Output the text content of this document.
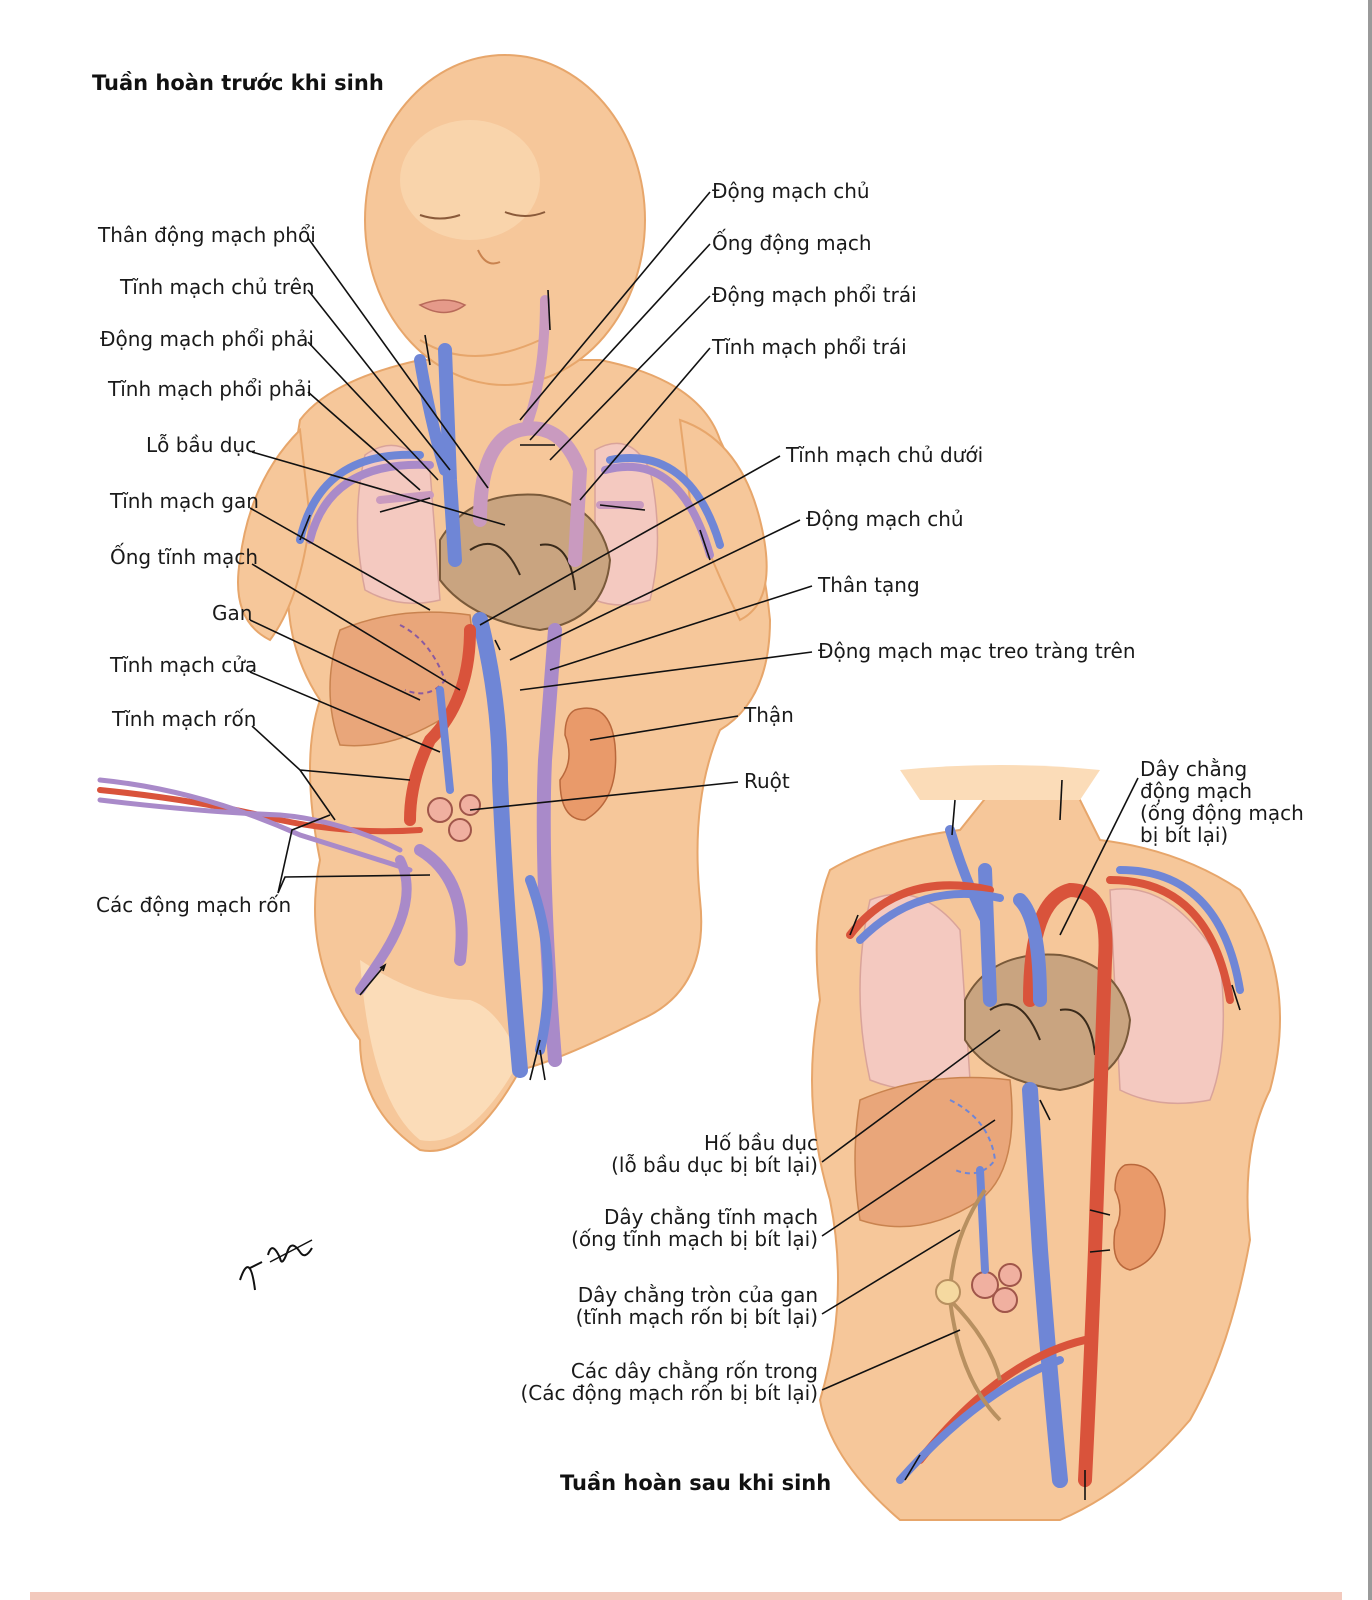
Tuần hoàn trước khi sinh
Thân động mạch phổi
Tĩnh mạch chủ trên
Động mạch phổi phải
Tĩnh mạch phổi phải
Lỗ bầu dục
Tĩnh mạch gan
Ống tĩnh mạch
Gan
Tĩnh mạch cửa
Tĩnh mạch rốn
Các động mạch rốn
Động mạch chủ
Ống động mạch
Động mạch phổi trái
Tĩnh mạch phổi trái
Tĩnh mạch chủ dưới
Động mạch chủ
Thân tạng
Động mạch mạc treo tràng trên
Thận
Ruột	Dây chằng
động mạch
(ống động mạch
bị bít lại)
Hố bầu dục
(lỗ bầu dục bị bít lại)
Dây chằng tĩnh mạch
(ống tĩnh mạch bị bít lại)
Dây chằng tròn của gan
(tĩnh mạch rốn bị bít lại)
Các dây chằng rốn trong
(Các động mạch rốn bị bít lại)
Tuần hoàn sau khi sinh
